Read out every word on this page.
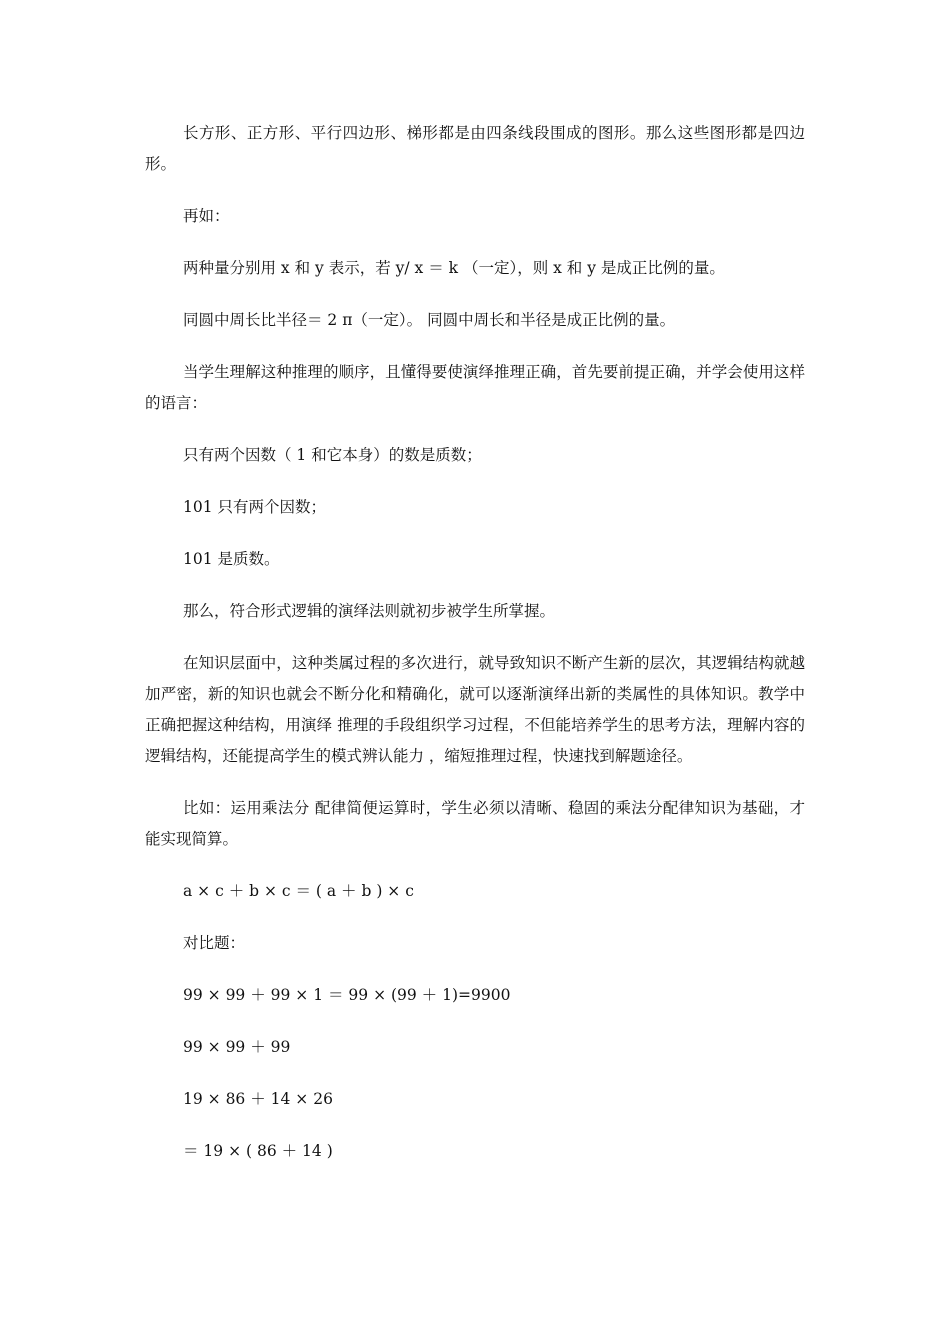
长方形、正方形、平行四边形、梯形都是由四条线段围成的图形。那么这些图形都是四边形。

再如：

两种量分别用 x 和 y 表示，若 y/ x ＝ k （一定），则 x 和 y 是成正比例的量。

同圆中周长比半径＝ 2 π（一定）。 同圆中周长和半径是成正比例的量。

当学生理解这种推理的顺序，且懂得要使演绎推理正确，首先要前提正确，并学会使用这样的语言：

只有两个因数（ 1 和它本身）的数是质数；

101 只有两个因数；

101 是质数。

那么，符合形式逻辑的演绎法则就初步被学生所掌握。

在知识层面中，这种类属过程的多次进行，就导致知识不断产生新的层次，其逻辑结构就越加严密，新的知识也就会不断分化和精确化，就可以逐渐演绎出新的类属性的具体知识。教学中正确把握这种结构，用演绎 推理的手段组织学习过程，不但能培养学生的思考方法，理解内容的逻辑结构，还能提高学生的模式辨认能力 ，缩短推理过程，快速找到解题途径。

比如：运用乘法分 配律简便运算时，学生必须以清晰、稳固的乘法分配律知识为基础，才能实现简算。

a × c ＋ b × c ＝ ( a ＋ b ) × c

对比题：

99 × 99 ＋ 99 × 1 ＝ 99 × (99 ＋ 1)=9900

99 × 99 ＋ 99

19 × 86 ＋ 14 × 26

＝ 19 × ( 86 ＋ 14 )
